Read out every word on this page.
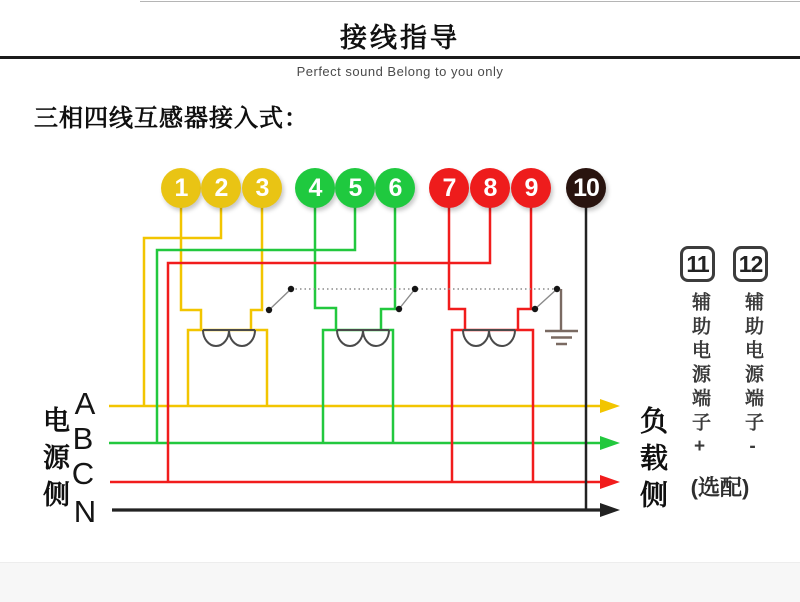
接线指导
Perfect sound Belong to you only
三相四线互感器接入式：
1	2	3	4	5	6	7	8	9	10
A
B
C
N
电源侧	负载侧
11 12
辅助电源端子+ 辅助电源端子-
(选配)
